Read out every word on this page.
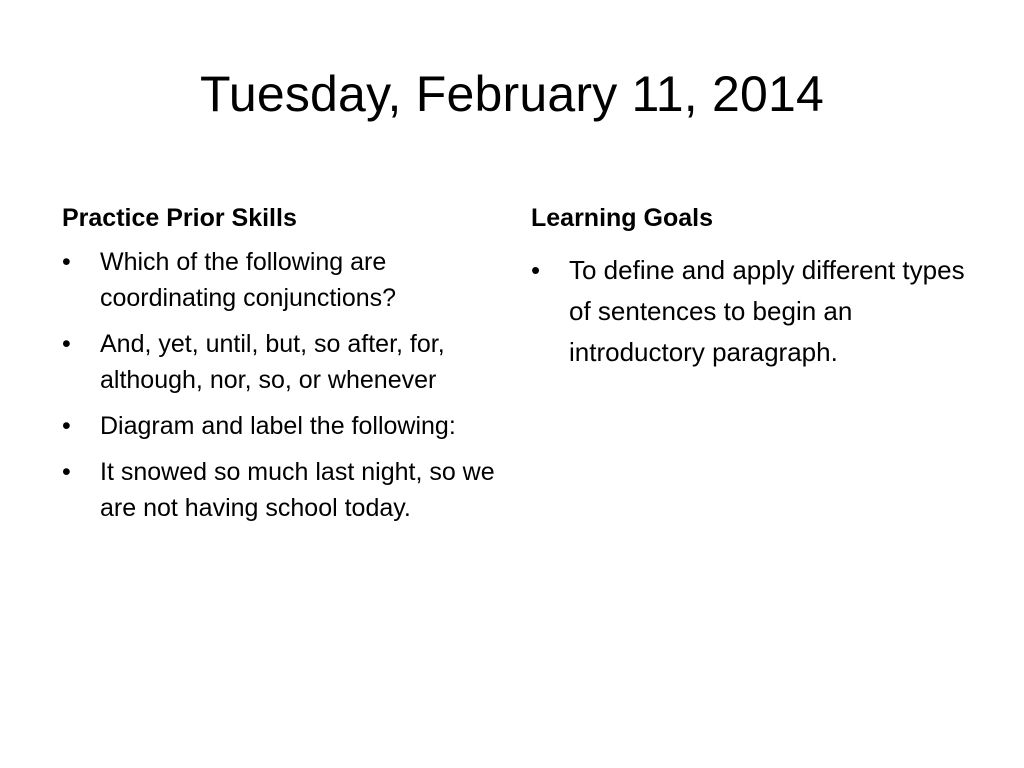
Tuesday, February 11, 2014
Practice Prior Skills
•	Which of the following are coordinating conjunctions?
•	And, yet, until, but, so after, for, although, nor, so, or whenever
•	Diagram and label the following:
•	It snowed so much last night, so we are not having school today.
Learning Goals
•	To define and apply different types of sentences to begin an introductory paragraph.
